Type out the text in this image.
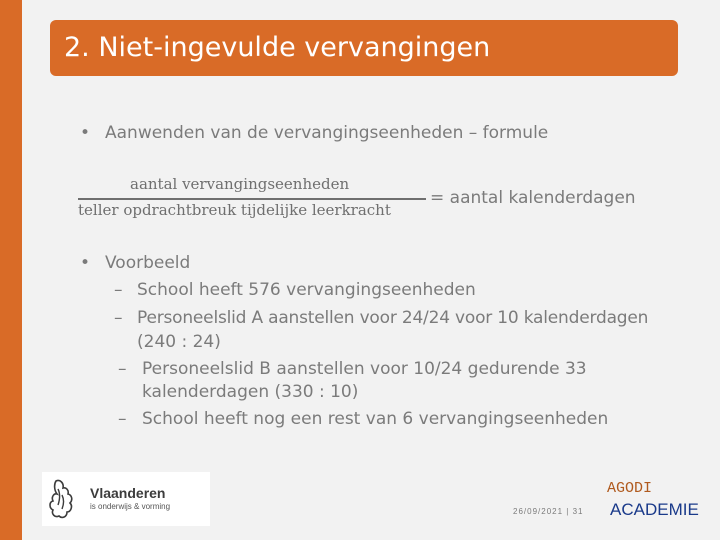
2. Niet-ingevulde vervangingen
• Aanwenden van de vervangingseenheden – formule
aantal vervangingseenheden
teller opdrachtbreuk tijdelijke leerkracht
= aantal kalenderdagen
• Voorbeeld
– School heeft 576 vervangingseenheden
– Personeelslid A aanstellen voor 24/24 voor 10 kalenderdagen
(240 : 24)
– Personeelslid B aanstellen voor 10/24 gedurende 33
kalenderdagen (330 : 10)
– School heeft nog een rest van 6 vervangingseenheden
Vlaanderen
is onderwijs & vorming
26/09/2021 | 31
AGODI
ACADEMIE
